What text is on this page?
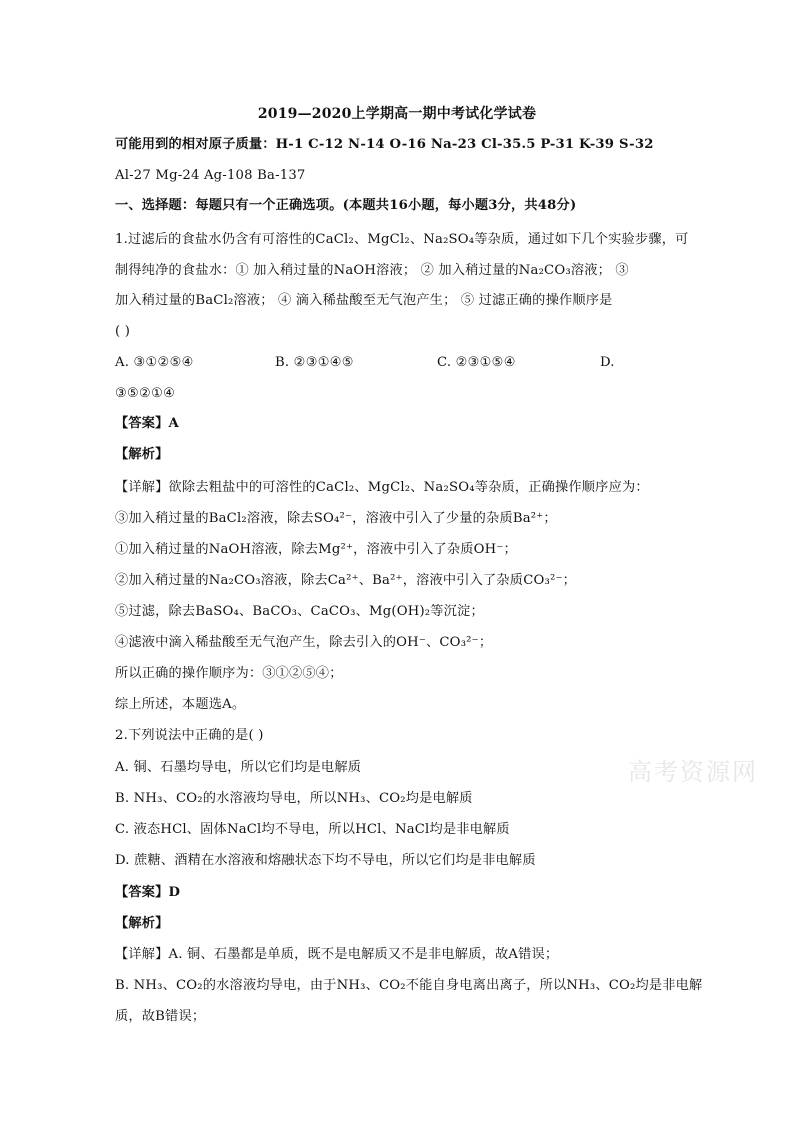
2019—2020上学期高一期中考试化学试卷
可能用到的相对原子质量：H-1 C-12 N-14 O-16 Na-23 Cl-35.5 P-31 K-39 S-32
Al-27 Mg-24 Ag-108 Ba-137
一、选择题：每题只有一个正确选项。(本题共16小题，每小题3分，共48分)
1.过滤后的食盐水仍含有可溶性的CaCl₂、MgCl₂、Na₂SO₄等杂质，通过如下几个实验步骤，可
制得纯净的食盐水：① 加入稍过量的NaOH溶液； ② 加入稍过量的Na₂CO₃溶液； ③
加入稍过量的BaCl₂溶液； ④ 滴入稀盐酸至无气泡产生； ⑤ 过滤正确的操作顺序是
( )
A. ③①②⑤④	B. ②③①④⑤	C. ②③①⑤④	D.
③⑤②①④
【答案】A
【解析】
【详解】欲除去粗盐中的可溶性的CaCl₂、MgCl₂、Na₂SO₄等杂质，正确操作顺序应为：
③加入稍过量的BaCl₂溶液，除去SO₄²⁻，溶液中引入了少量的杂质Ba²⁺；
①加入稍过量的NaOH溶液，除去Mg²⁺，溶液中引入了杂质OH⁻；
②加入稍过量的Na₂CO₃溶液，除去Ca²⁺、Ba²⁺，溶液中引入了杂质CO₃²⁻；
⑤过滤，除去BaSO₄、BaCO₃、CaCO₃、Mg(OH)₂等沉淀；
④滤液中滴入稀盐酸至无气泡产生，除去引入的OH⁻、CO₃²⁻；
所以正确的操作顺序为：③①②⑤④；
综上所述，本题选A。
2.下列说法中正确的是( )
A. 铜、石墨均导电，所以它们均是电解质
B. NH₃、CO₂的水溶液均导电，所以NH₃、CO₂均是电解质
C. 液态HCl、固体NaCl均不导电，所以HCl、NaCl均是非电解质
D. 蔗糖、酒精在水溶液和熔融状态下均不导电，所以它们均是非电解质
【答案】D
【解析】
【详解】A. 铜、石墨都是单质，既不是电解质又不是非电解质，故A错误；
B. NH₃、CO₂的水溶液均导电，由于NH₃、CO₂不能自身电离出离子，所以NH₃、CO₂均是非电解
质，故B错误；
高考资源网
